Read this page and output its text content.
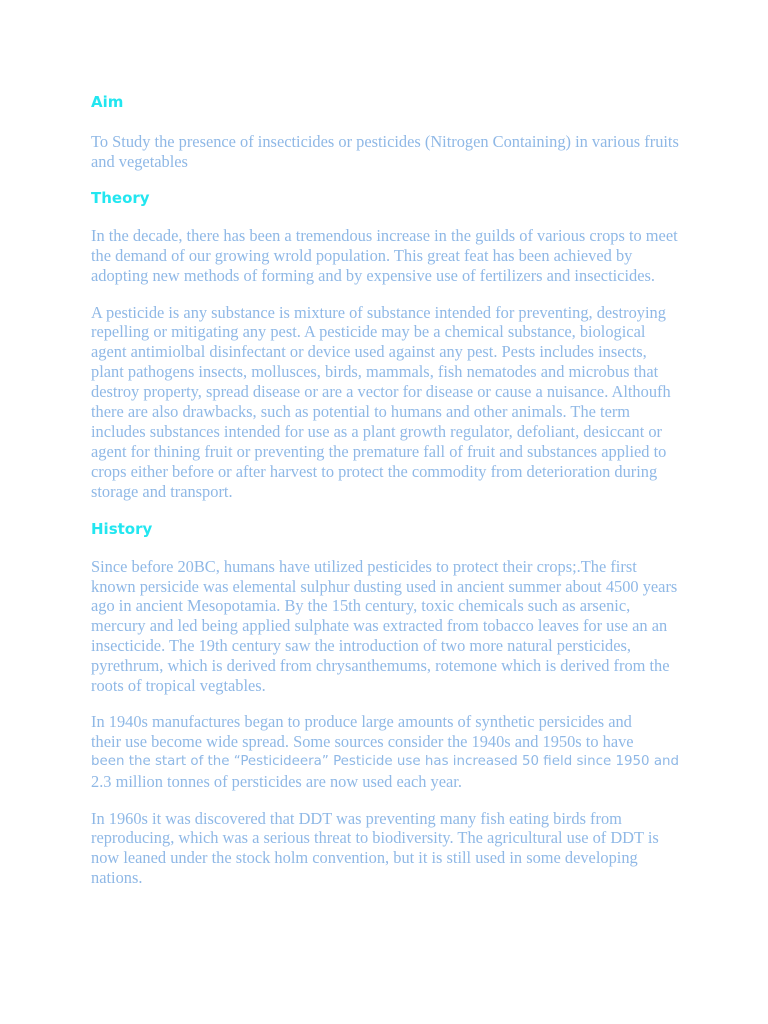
Aim

To Study the presence of insecticides or pesticides (Nitrogen Containing) in various fruits and vegetables

Theory

In the decade, there has been a tremendous increase in the guilds of various crops to meet the demand of our growing wrold population. This great feat has been achieved by adopting new methods of forming and by expensive use of fertilizers and insecticides.

A pesticide is any substance is mixture of substance intended for preventing, destroying repelling or mitigating any pest. A pesticide may be a chemical substance, biological agent antimiolbal disinfectant or device used against any pest. Pests includes insects, plant pathogens insects, mollusces, birds, mammals, fish nematodes and microbus that destroy property, spread disease or are a vector for disease or cause a nuisance. Althoufh there are also drawbacks, such as potential to humans and other animals. The term includes substances intended for use as a plant growth regulator, defoliant, desiccant or agent for thining fruit or preventing the premature fall of fruit and substances applied to crops either before or after harvest to protect the commodity from deterioration during storage and transport.

History

Since before 20BC, humans have utilized pesticides to protect their crops;.The first known persicide was elemental sulphur dusting used in ancient summer about 4500 years ago in ancient Mesopotamia. By the 15th century, toxic chemicals such as arsenic, mercury and led being applied sulphate was extracted from tobacco leaves for use an an insecticide. The 19th century saw the introduction of two more natural persticides, pyrethrum, which is derived from chrysanthemums, rotemone which is derived from the roots of tropical vegtables.

In 1940s manufactures began to produce large amounts of synthetic persicides and
their use become wide spread. Some sources consider the 1940s and 1950s to have
been the start of the “Pesticideera” Pesticide use has increased 50 field since 1950 and
2.3 million tonnes of persticides are now used each year.

In 1960s it was discovered that DDT was preventing many fish eating birds from reproducing, which was a serious threat to biodiversity. The agricultural use of DDT is now leaned under the stock holm convention, but it is still used in some developing nations.
